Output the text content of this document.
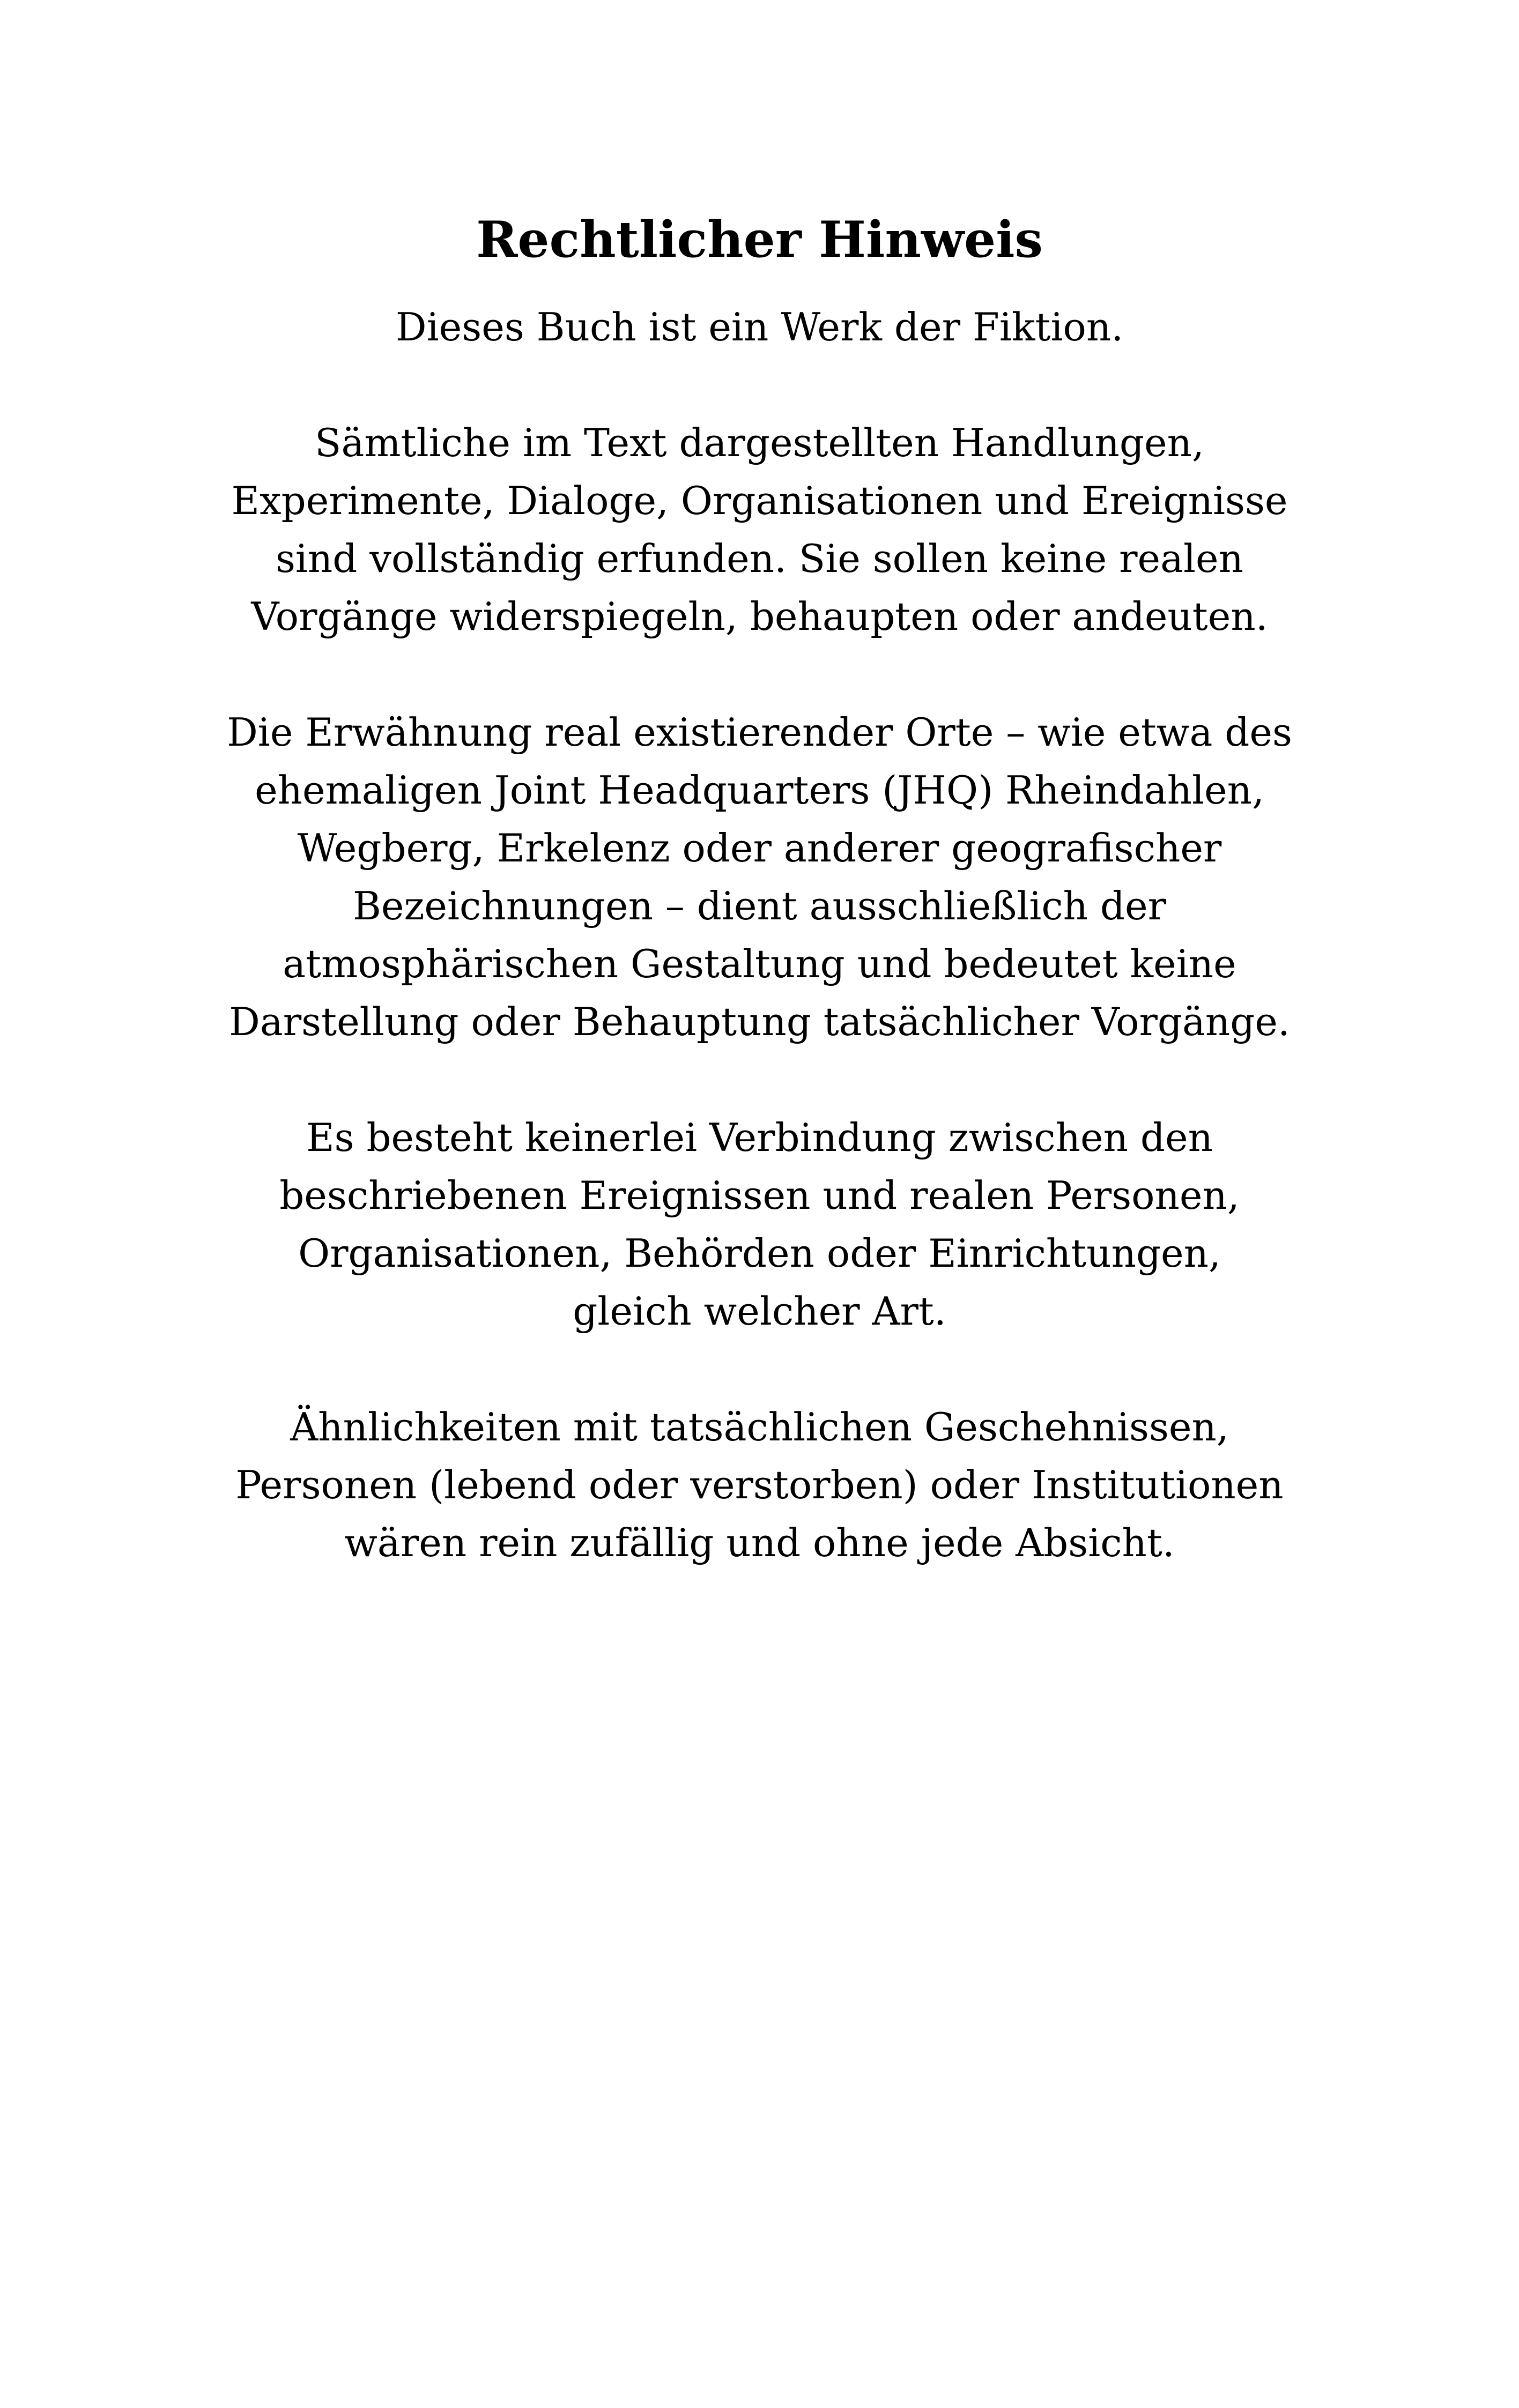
Rechtlicher Hinweis

Dieses Buch ist ein Werk der Fiktion.

Sämtliche im Text dargestellten Handlungen,
Experimente, Dialoge, Organisationen und Ereignisse
sind vollständig erfunden. Sie sollen keine realen
Vorgänge widerspiegeln, behaupten oder andeuten.

Die Erwähnung real existierender Orte – wie etwa des
ehemaligen Joint Headquarters (JHQ) Rheindahlen,
Wegberg, Erkelenz oder anderer geografischer
Bezeichnungen – dient ausschließlich der
atmosphärischen Gestaltung und bedeutet keine
Darstellung oder Behauptung tatsächlicher Vorgänge.

Es besteht keinerlei Verbindung zwischen den
beschriebenen Ereignissen und realen Personen,
Organisationen, Behörden oder Einrichtungen,
gleich welcher Art.

Ähnlichkeiten mit tatsächlichen Geschehnissen,
Personen (lebend oder verstorben) oder Institutionen
wären rein zufällig und ohne jede Absicht.
